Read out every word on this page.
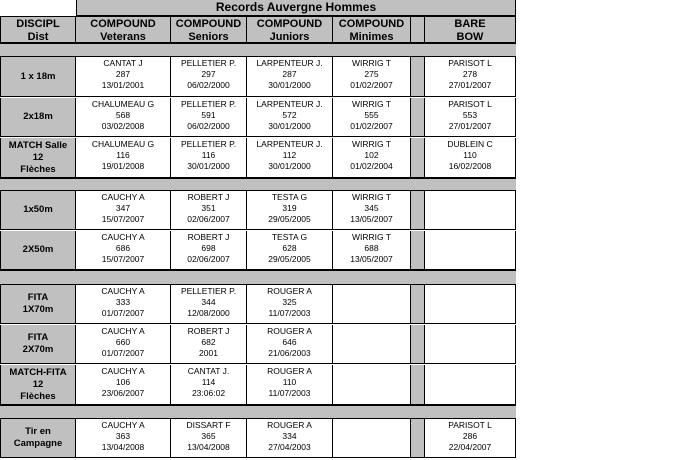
Records Auvergne Hommes
DISCIPL
Dist
COMPOUND
Veterans
COMPOUND
Seniors
COMPOUND
Juniors
COMPOUND
Minimes
BARE
BOW
1 x 18m
CANTAT J
287
13/01/2001
PELLETIER P.
297
06/02/2000
LARPENTEUR J.
287
30/01/2000
WIRRIG T
275
01/02/2007
PARISOT L
278
27/01/2007
2x18m
CHALUMEAU G
568
03/02/2008
PELLETIER P.
591
06/02/2000
LARPENTEUR J.
572
30/01/2000
WIRRIG T
555
01/02/2007
PARISOT L
553
27/01/2007
MATCH Salle
12
Flèches
CHALUMEAU G
116
19/01/2008
PELLETIER P.
116
30/01/2000
LARPENTEUR J.
112
30/01/2000
WIRRIG T
102
01/02/2004
DUBLEIN C
110
16/02/2008
1x50m
CAUCHY A
347
15/07/2007
ROBERT J
351
02/06/2007
TESTA G
319
29/05/2005
WIRRIG T
345
13/05/2007
2X50m
CAUCHY A
686
15/07/2007
ROBERT J
698
02/06/2007
TESTA G
628
29/05/2005
WIRRIG T
688
13/05/2007
FITA
1X70m
CAUCHY A
333
01/07/2007
PELLETIER P.
344
12/08/2000
ROUGER A
325
11/07/2003
FITA
2X70m
CAUCHY A
660
01/07/2007
ROBERT J
682
2001
ROUGER A
646
21/06/2003
MATCH-FITA
12
Flèches
CAUCHY A
106
23/06/2007
CANTAT J.
114
23:06:02
ROUGER A
110
11/07/2003
Tir en
Campagne
CAUCHY A
363
13/04/2008
DISSART F
365
13/04/2008
ROUGER A
334
27/04/2003
PARISOT L
286
22/04/2007
